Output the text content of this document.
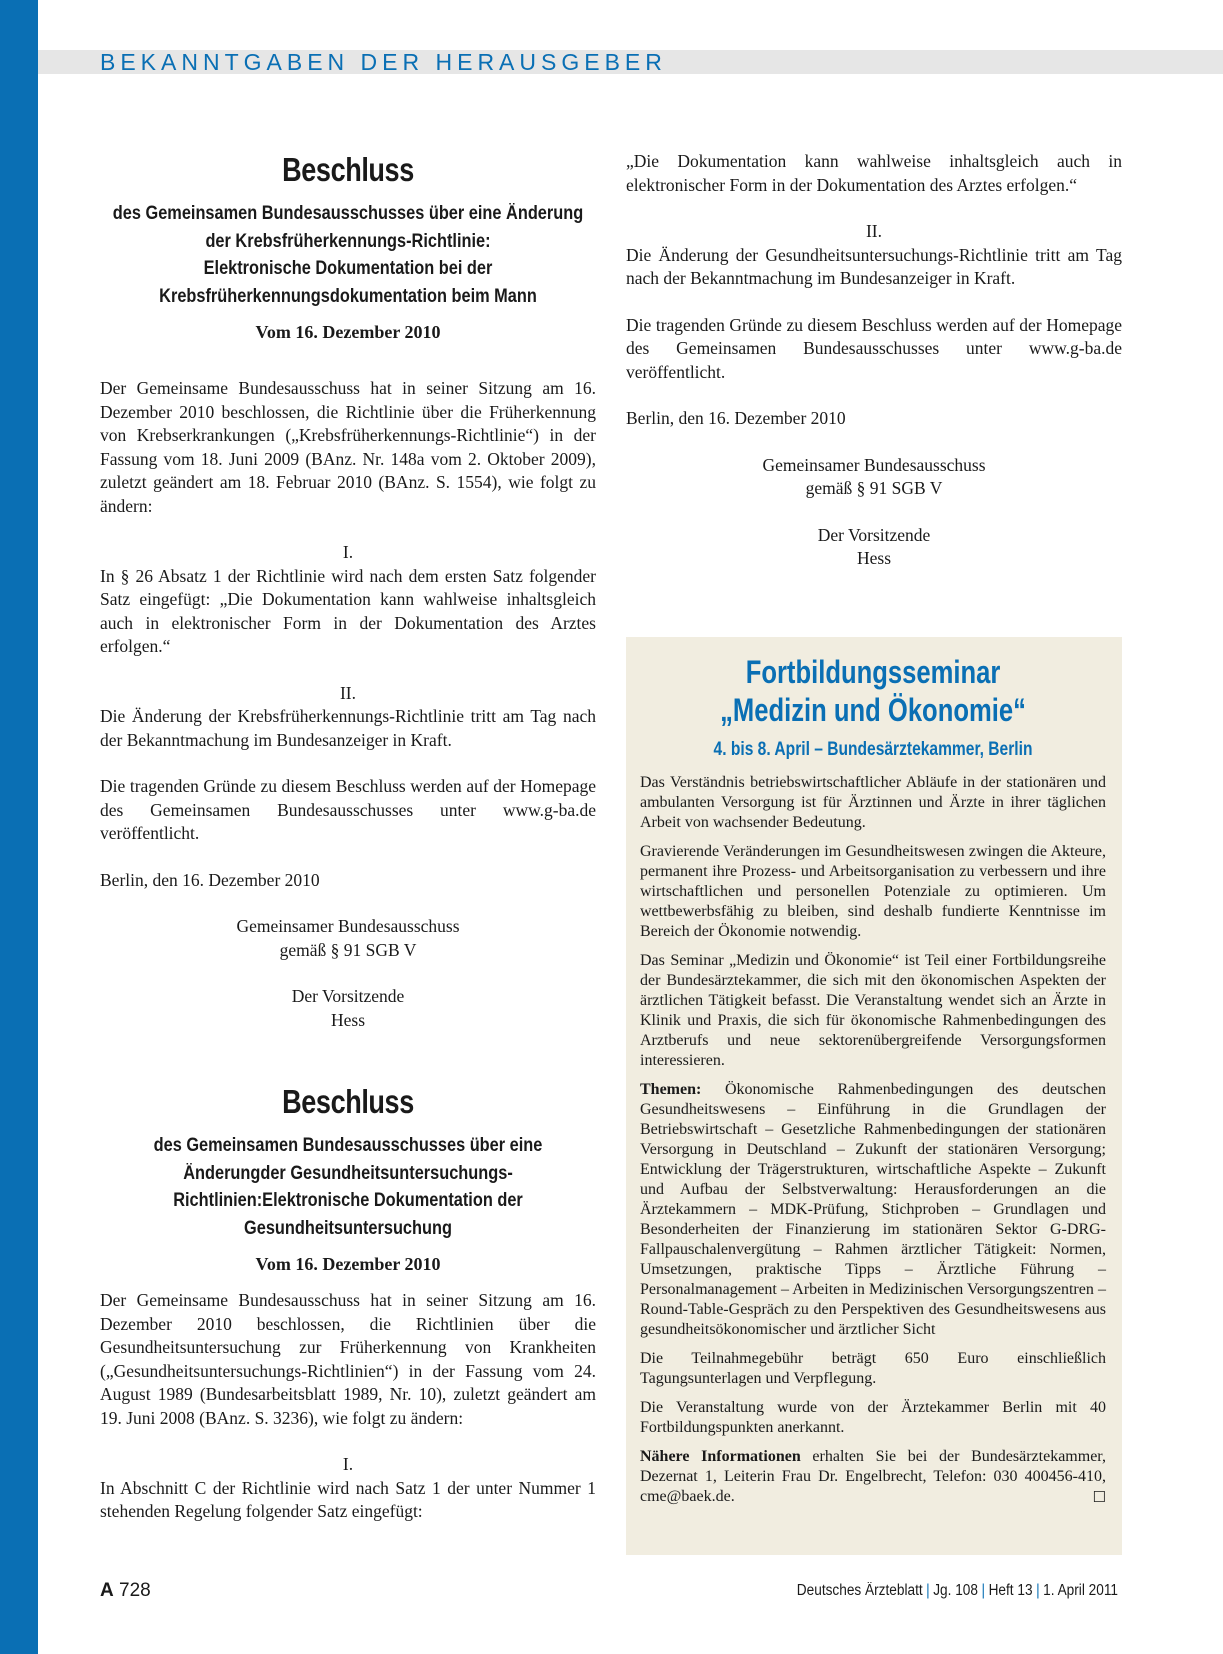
BEKANNTGABEN DER HERAUSGEBER
Beschluss
des Gemeinsamen Bundesausschusses über eine Änderung
der Krebsfrüherkennungs-Richtlinie:
Elektronische Dokumentation bei der
Krebsfrüherkennungsdokumentation beim Mann
Vom 16. Dezember 2010

Der Gemeinsame Bundesausschuss hat in seiner Sitzung am 16. Dezember 2010 beschlossen, die Richtlinie über die Früherkennung von Krebserkrankungen („Krebsfrüherkennungs-Richtlinie“) in der Fassung vom 18. Juni 2009 (BAnz. Nr. 148a vom 2. Oktober 2009), zuletzt geändert am 18. Februar 2010 (BAnz. S. 1554), wie folgt zu ändern:

I.

In § 26 Absatz 1 der Richtlinie wird nach dem ersten Satz folgender Satz eingefügt: „Die Dokumentation kann wahlweise inhaltsgleich auch in elektronischer Form in der Dokumentation des Arztes erfolgen.“

II.

Die Änderung der Krebsfrüherkennungs-Richtlinie tritt am Tag nach der Bekanntmachung im Bundesanzeiger in Kraft.

Die tragenden Gründe zu diesem Beschluss werden auf der Homepage des Gemeinsamen Bundesausschusses unter www.g-ba.de veröffentlicht.

Berlin, den 16. Dezember 2010

Gemeinsamer Bundesausschuss

gemäß § 91 SGB V

Der Vorsitzende

Hess

Beschluss
des Gemeinsamen Bundesausschusses über eine
Änderungder Gesundheitsuntersuchungs-
Richtlinien:Elektronische Dokumentation der
Gesundheitsuntersuchung
Vom 16. Dezember 2010

Der Gemeinsame Bundesausschuss hat in seiner Sitzung am 16. Dezember 2010 beschlossen, die Richtlinien über die Gesundheitsuntersuchung zur Früherkennung von Krankheiten („Gesundheitsuntersuchungs-Richtlinien“) in der Fassung vom 24. August 1989 (Bundesarbeitsblatt 1989, Nr. 10), zuletzt geändert am 19. Juni 2008 (BAnz. S. 3236), wie folgt zu ändern:

I.

In Abschnitt C der Richtlinie wird nach Satz 1 der unter Nummer 1 stehenden Regelung folgender Satz eingefügt:

„Die Dokumentation kann wahlweise inhaltsgleich auch in elektronischer Form in der Dokumentation des Arztes erfolgen.“

II.

Die Änderung der Gesundheitsuntersuchungs-Richtlinie tritt am Tag nach der Bekanntmachung im Bundesanzeiger in Kraft.

Die tragenden Gründe zu diesem Beschluss werden auf der Homepage des Gemeinsamen Bundesausschusses unter www.g-ba.de veröffentlicht.

Berlin, den 16. Dezember 2010

Gemeinsamer Bundesausschuss

gemäß § 91 SGB V

Der Vorsitzende

Hess

Fortbildungsseminar
„Medizin und Ökonomie“
4. bis 8. April – Bundesärztekammer, Berlin

Das Verständnis betriebswirtschaftlicher Abläufe in der stationären und ambulanten Versorgung ist für Ärztinnen und Ärzte in ihrer täglichen Arbeit von wachsender Bedeutung.

Gravierende Veränderungen im Gesundheitswesen zwingen die Akteure, permanent ihre Prozess- und Arbeitsorganisation zu verbessern und ihre wirtschaftlichen und personellen Potenziale zu optimieren. Um wettbewerbsfähig zu bleiben, sind deshalb fundierte Kenntnisse im Bereich der Ökonomie notwendig.

Das Seminar „Medizin und Ökonomie“ ist Teil einer Fortbildungsreihe der Bundesärztekammer, die sich mit den ökonomischen Aspekten der ärztlichen Tätigkeit befasst. Die Veranstaltung wendet sich an Ärzte in Klinik und Praxis, die sich für ökonomische Rahmenbedingungen des Arztberufs und neue sektorenübergreifende Versorgungsformen interessieren.

Themen: Ökonomische Rahmenbedingungen des deutschen Gesundheitswesens – Einführung in die Grundlagen der Betriebswirtschaft – Gesetzliche Rahmenbedingungen der stationären Versorgung in Deutschland – Zukunft der stationären Versorgung; Entwicklung der Trägerstrukturen, wirtschaftliche Aspekte – Zukunft und Aufbau der Selbstverwaltung: Herausforderungen an die Ärztekammern – MDK-Prüfung, Stichproben – Grundlagen und Besonderheiten der Finanzierung im stationären Sektor G-DRG-Fallpauschalenvergütung – Rahmen ärztlicher Tätigkeit: Normen, Umsetzungen, praktische Tipps – Ärztliche Führung – Personalmanagement – Arbeiten in Medizinischen Versorgungszentren – Round-Table-Gespräch zu den Perspektiven des Gesundheitswesens aus gesundheitsökonomischer und ärztlicher Sicht

Die Teilnahmegebühr beträgt 650 Euro einschließlich Tagungsunterlagen und Verpflegung.

Die Veranstaltung wurde von der Ärztekammer Berlin mit 40 Fortbildungspunkten anerkannt.

Nähere Informationen erhalten Sie bei der Bundesärztekammer, Dezernat 1, Leiterin Frau Dr. Engelbrecht, Telefon: 030 400456-410, cme@baek.de.	☐

A 728	Deutsches Ärzteblatt | Jg. 108 | Heft 13 | 1. April 2011
